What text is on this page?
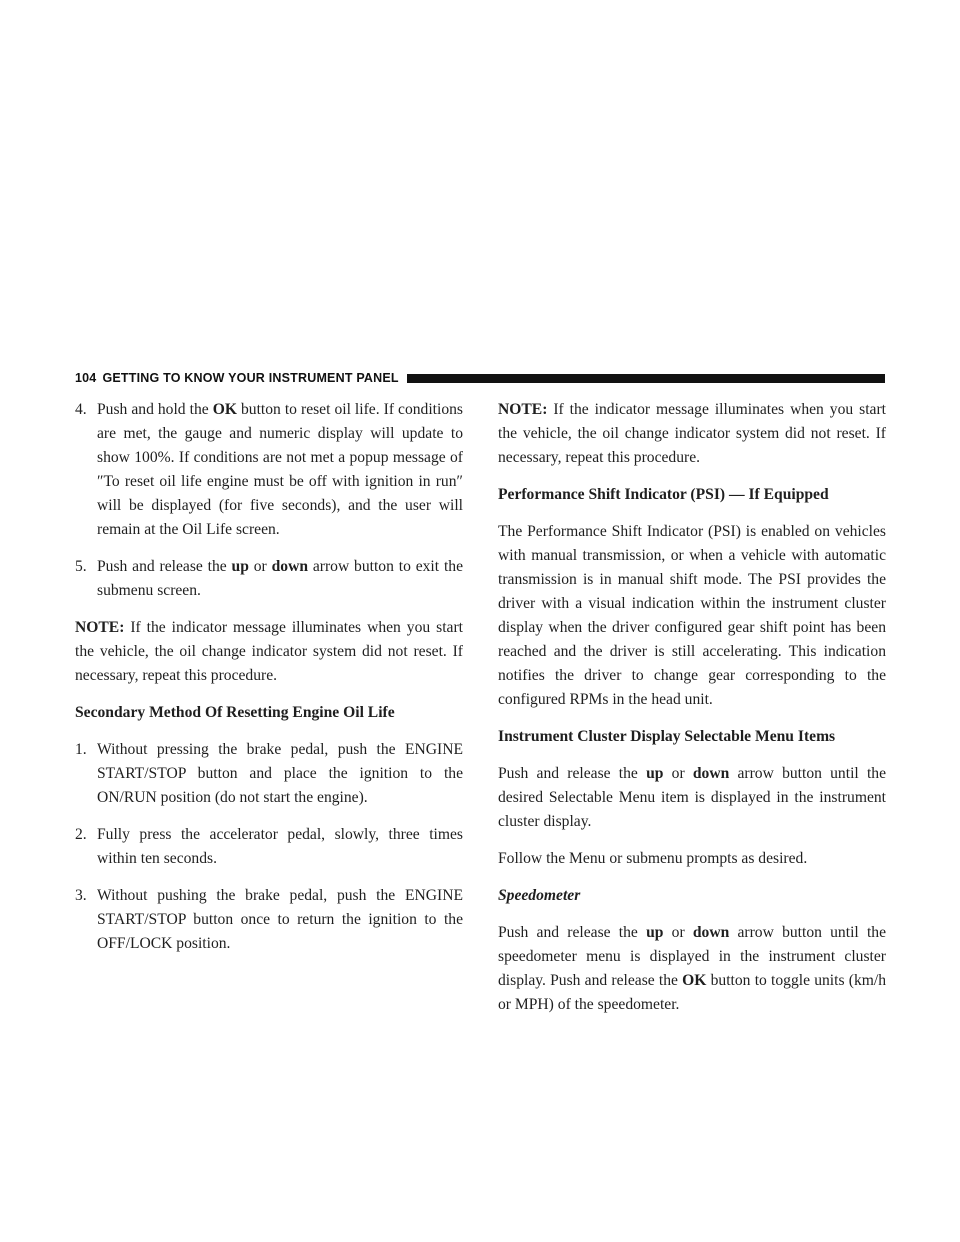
104 GETTING TO KNOW YOUR INSTRUMENT PANEL
4. Push and hold the OK button to reset oil life. If conditions are met, the gauge and numeric display will update to show 100%. If conditions are not met a popup message of ″To reset oil life engine must be off with ignition in run″ will be displayed (for five seconds), and the user will remain at the Oil Life screen.
5. Push and release the up or down arrow button to exit the submenu screen.

NOTE: If the indicator message illuminates when you start the vehicle, the oil change indicator system did not reset. If necessary, repeat this procedure.

Secondary Method Of Resetting Engine Oil Life
1. Without pressing the brake pedal, push the ENGINE START/STOP button and place the ignition to the ON/RUN position (do not start the engine).
2. Fully press the accelerator pedal, slowly, three times within ten seconds.
3. Without pushing the brake pedal, push the ENGINE START/STOP button once to return the ignition to the OFF/LOCK position.

NOTE: If the indicator message illuminates when you start the vehicle, the oil change indicator system did not reset. If necessary, repeat this procedure.

Performance Shift Indicator (PSI) — If Equipped

The Performance Shift Indicator (PSI) is enabled on vehicles with manual transmission, or when a vehicle with automatic transmission is in manual shift mode. The PSI provides the driver with a visual indication within the instrument cluster display when the driver configured gear shift point has been reached and the driver is still accelerating. This indication notifies the driver to change gear corresponding to the configured RPMs in the head unit.

Instrument Cluster Display Selectable Menu Items

Push and release the up or down arrow button until the desired Selectable Menu item is displayed in the instrument cluster display.

Follow the Menu or submenu prompts as desired.

Speedometer

Push and release the up or down arrow button until the speedometer menu is displayed in the instrument cluster display. Push and release the OK button to toggle units (km/h or MPH) of the speedometer.
